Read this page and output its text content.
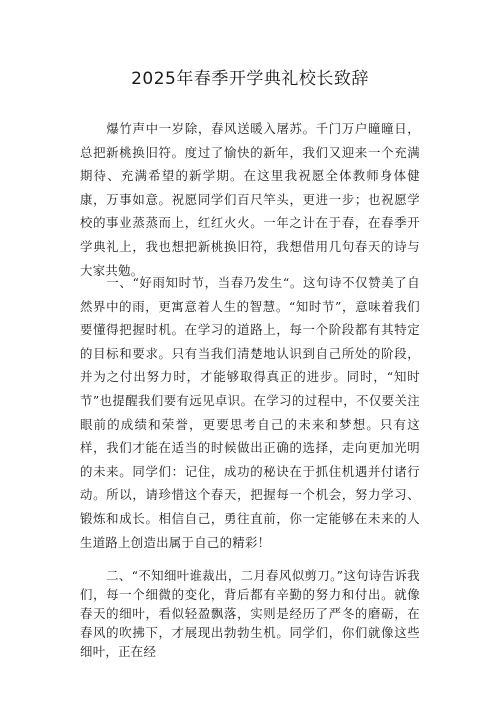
2025年春季开学典礼校长致辞
爆竹声中一岁除，春风送暖入屠苏。千门万户曈曈日，总把新桃换旧符。度过了愉快的新年，我们又迎来一个充满期待、充满希望的新学期。在这里我祝愿全体教师身体健康，万事如意。祝愿同学们百尺竿头，更进一步；也祝愿学校的事业蒸蒸而上，红红火火。一年之计在于春，在春季开学典礼上，我也想把新桃换旧符，我想借用几句春天的诗与大家共勉。
一、“好雨知时节，当春乃发生“。这句诗不仅赞美了自然界中的雨，更寓意着人生的智慧。“知时节”，意味着我们要懂得把握时机。在学习的道路上，每一个阶段都有其特定的目标和要求。只有当我们清楚地认识到自己所处的阶段，并为之付出努力时，才能够取得真正的进步。同时，“知时节”也提醒我们要有远见卓识。在学习的过程中，不仅要关注眼前的成绩和荣誉，更要思考自己的未来和梦想。只有这样，我们才能在适当的时候做出正确的选择，走向更加光明的未来。同学们：记住，成功的秘诀在于抓住机遇并付诸行动。所以，请珍惜这个春天，把握每一个机会，努力学习、锻炼和成长。相信自己，勇往直前，你一定能够在未来的人生道路上创造出属于自己的精彩！
二、“不知细叶谁裁出，二月春风似剪刀。”这句诗告诉我们，每一个细微的变化，背后都有辛勤的努力和付出。就像春天的细叶，看似轻盈飘落，实则是经历了严冬的磨砺，在春风的吹拂下，才展现出勃勃生机。同学们，你们就像这些细叶，正在经
